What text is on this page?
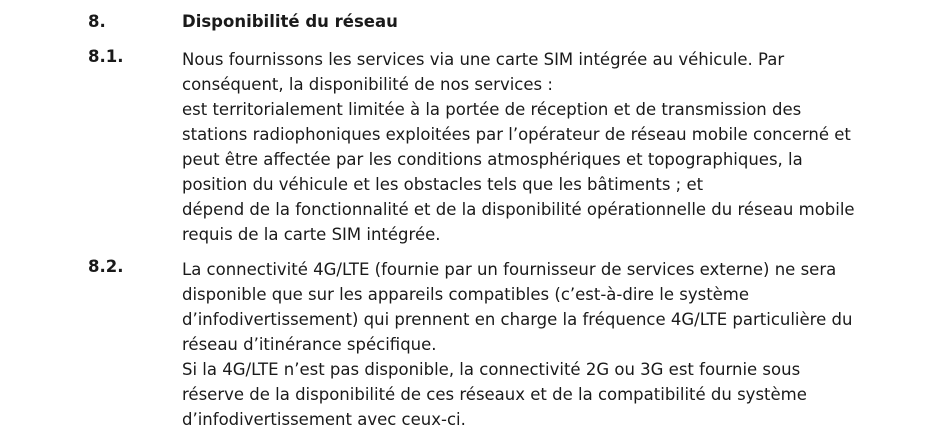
8.	Disponibilité du réseau
8.1.	Nous fournissons les services via une carte SIM intégrée au véhicule. Par
conséquent, la disponibilité de nos services :
est territorialement limitée à la portée de réception et de transmission des
stations radiophoniques exploitées par l’opérateur de réseau mobile concerné et
peut être affectée par les conditions atmosphériques et topographiques, la
position du véhicule et les obstacles tels que les bâtiments ; et
dépend de la fonctionnalité et de la disponibilité opérationnelle du réseau mobile
requis de la carte SIM intégrée.
8.2.	La connectivité 4G/LTE (fournie par un fournisseur de services externe) ne sera
disponible que sur les appareils compatibles (c’est-à-dire le système
d’infodivertissement) qui prennent en charge la fréquence 4G/LTE particulière du
réseau d’itinérance spécifique.
Si la 4G/LTE n’est pas disponible, la connectivité 2G ou 3G est fournie sous
réserve de la disponibilité de ces réseaux et de la compatibilité du système
d’infodivertissement avec ceux-ci.
